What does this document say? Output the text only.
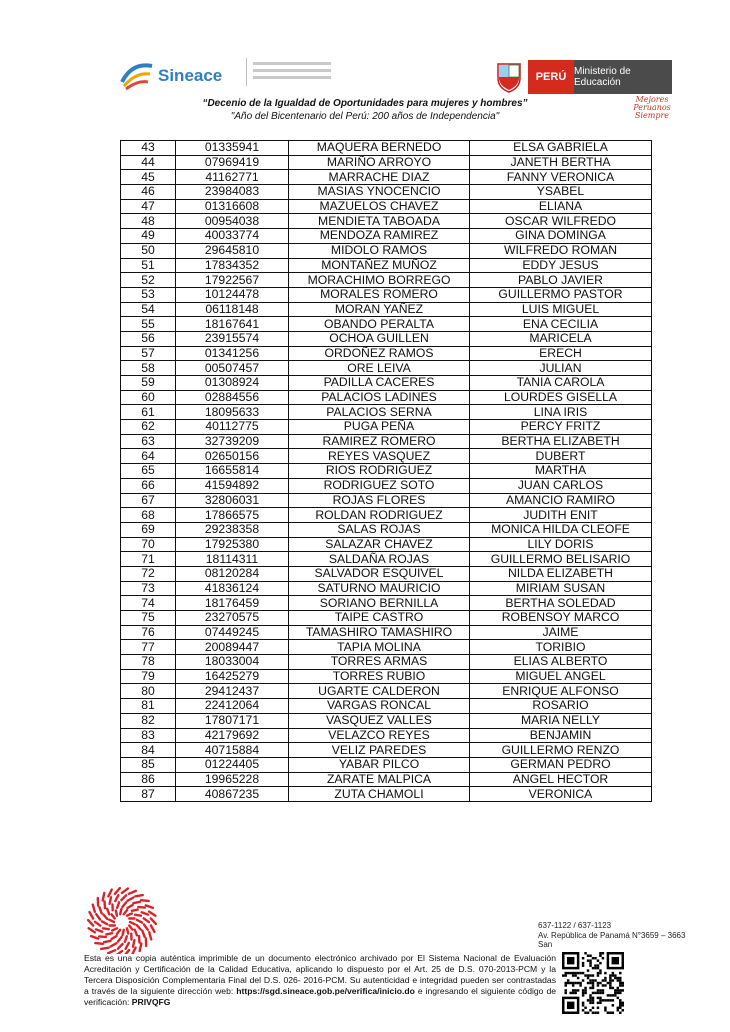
Sineace	PERÚ Ministerio de Educación
Mejores Peruanos Siempre
“Decenio de la Igualdad de Oportunidades para mujeres y hombres”
"Año del Bicentenario del Perú: 200 años de Independencia"
43	01335941	MAQUERA BERNEDO	ELSA GABRIELA
44	07969419	MARIÑO ARROYO	JANETH BERTHA
45	41162771	MARRACHE DIAZ	FANNY VERONICA
46	23984083	MASIAS YNOCENCIO	YSABEL
47	01316608	MAZUELOS CHAVEZ	ELIANA
48	00954038	MENDIETA TABOADA	OSCAR WILFREDO
49	40033774	MENDOZA RAMIREZ	GINA DOMINGA
50	29645810	MIDOLO RAMOS	WILFREDO ROMAN
51	17834352	MONTAÑEZ MUÑOZ	EDDY JESUS
52	17922567	MORACHIMO BORREGO	PABLO JAVIER
53	10124478	MORALES ROMERO	GUILLERMO PASTOR
54	06118148	MORAN YAÑEZ	LUIS MIGUEL
55	18167641	OBANDO PERALTA	ENA CECILIA
56	23915574	OCHOA GUILLEN	MARICELA
57	01341256	ORDOÑEZ RAMOS	ERECH
58	00507457	ORE LEIVA	JULIAN
59	01308924	PADILLA CACERES	TANIA CAROLA
60	02884556	PALACIOS LADINES	LOURDES GISELLA
61	18095633	PALACIOS SERNA	LINA IRIS
62	40112775	PUGA PEÑA	PERCY FRITZ
63	32739209	RAMIREZ ROMERO	BERTHA ELIZABETH
64	02650156	REYES VASQUEZ	DUBERT
65	16655814	RIOS RODRIGUEZ	MARTHA
66	41594892	RODRIGUEZ SOTO	JUAN CARLOS
67	32806031	ROJAS FLORES	AMANCIO RAMIRO
68	17866575	ROLDAN RODRIGUEZ	JUDITH ENIT
69	29238358	SALAS ROJAS	MONICA HILDA CLEOFE
70	17925380	SALAZAR CHAVEZ	LILY DORIS
71	18114311	SALDAÑA ROJAS	GUILLERMO BELISARIO
72	08120284	SALVADOR ESQUIVEL	NILDA ELIZABETH
73	41836124	SATURNO MAURICIO	MIRIAM SUSAN
74	18176459	SORIANO BERNILLA	BERTHA SOLEDAD
75	23270575	TAIPE CASTRO	ROBENSOY MARCO
76	07449245	TAMASHIRO TAMASHIRO	JAIME
77	20089447	TAPIA MOLINA	TORIBIO
78	18033004	TORRES ARMAS	ELIAS ALBERTO
79	16425279	TORRES RUBIO	MIGUEL ANGEL
80	29412437	UGARTE CALDERON	ENRIQUE ALFONSO
81	22412064	VARGAS RONCAL	ROSARIO
82	17807171	VASQUEZ VALLES	MARIA NELLY
83	42179692	VELAZCO REYES	BENJAMIN
84	40715884	VELIZ PAREDES	GUILLERMO RENZO
85	01224405	YABAR PILCO	GERMAN PEDRO
86	19965228	ZARATE MALPICA	ANGEL HECTOR
87	40867235	ZUTA CHAMOLI	VERONICA
637-1122 / 637-1123
Av. República de Panamá N°3659 – 3663
San
Esta es una copia auténtica imprimible de un documento electrónico archivado por El Sistema Nacional de Evaluación Acreditación y Certificación de la Calidad Educativa, aplicando lo dispuesto por el Art. 25 de D.S. 070-2013-PCM y la Tercera Disposición Complementaria Final del D.S. 026- 2016-PCM. Su autenticidad e integridad pueden ser contrastadas a través de la siguiente dirección web: https://sgd.sineace.gob.pe/verifica/inicio.do e ingresando el siguiente código de verificación: PRIVQFG
